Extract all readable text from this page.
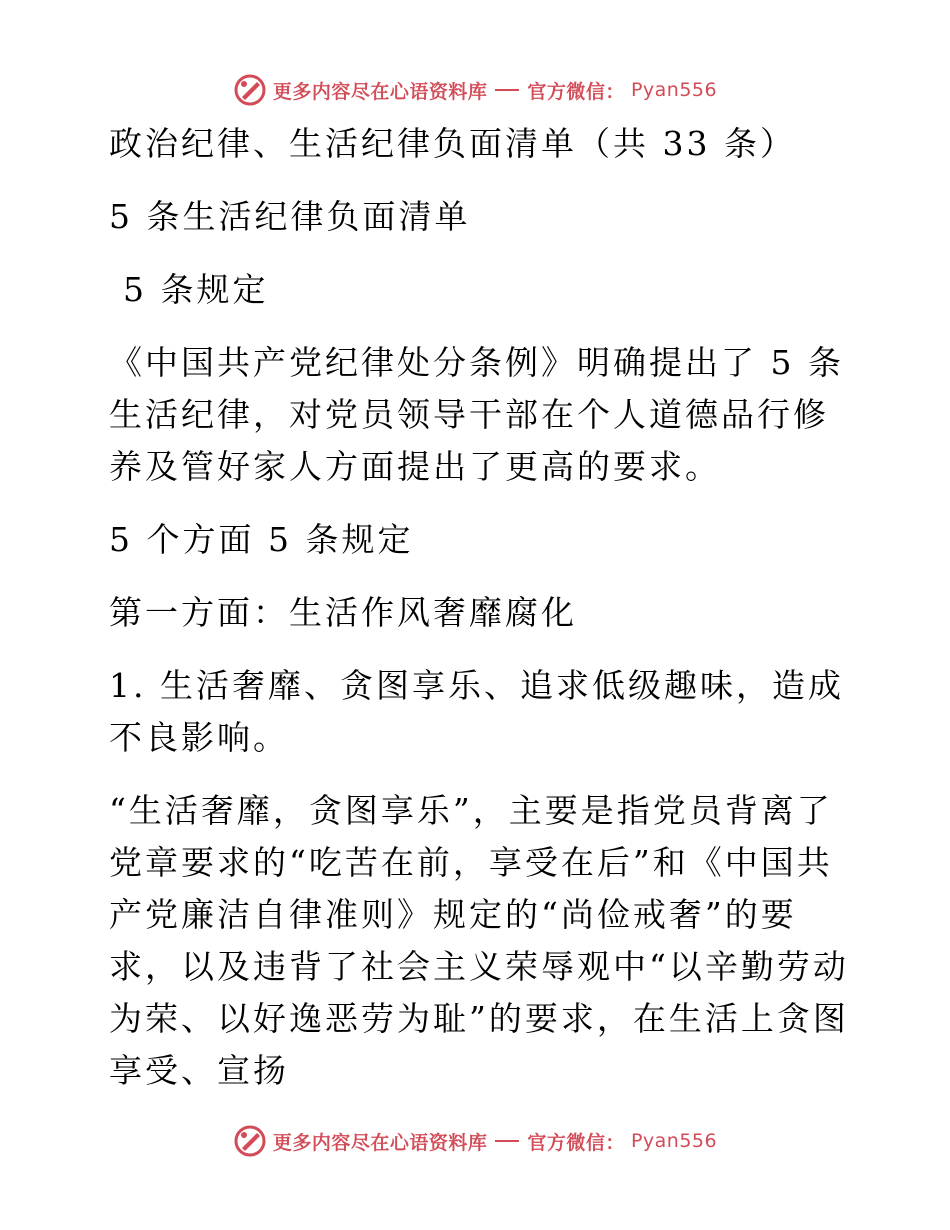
更多内容尽在心语资料库 官方微信： Pyan556

政治纪律、生活纪律负面清单（共 33 条）

5 条生活纪律负面清单

5 条规定

《中国共产党纪律处分条例》明确提出了 5 条生活纪律，对党员领导干部在个人道德品行修养及管好家人方面提出了更高的要求。

5 个方面 5 条规定

第一方面：生活作风奢靡腐化

1. 生活奢靡、贪图享乐、追求低级趣味，造成不良影响。

“生活奢靡，贪图享乐”，主要是指党员背离了党章要求的“吃苦在前，享受在后”和《中国共产党廉洁自律准则》规定的“尚俭戒奢”的要求，以及违背了社会主义荣辱观中“以辛勤劳动为荣、以好逸恶劳为耻”的要求，在生活上贪图享受、宣扬

更多内容尽在心语资料库 官方微信： Pyan556
